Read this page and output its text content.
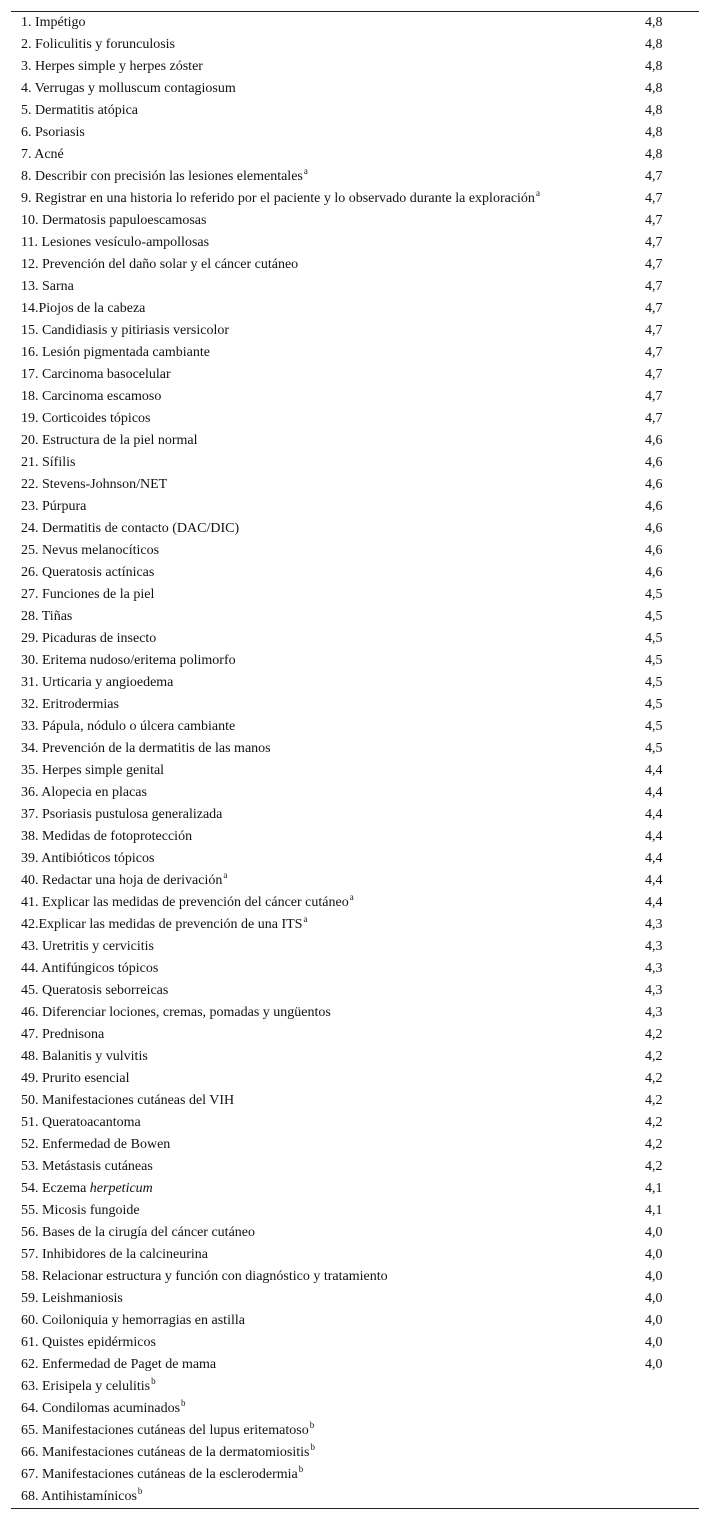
1. Impétigo	4,8
2. Foliculitis y forunculosis	4,8
3. Herpes simple y herpes zóster	4,8
4. Verrugas y molluscum contagiosum	4,8
5. Dermatitis atópica	4,8
6. Psoriasis	4,8
7. Acné	4,8
8. Describir con precisión las lesiones elementales$^a$	4,7
9. Registrar en una historia lo referido por el paciente y lo observado durante la exploración$^a$	4,7
10. Dermatosis papuloescamosas	4,7
11. Lesiones vesículo-ampollosas	4,7
12. Prevención del daño solar y el cáncer cutáneo	4,7
13. Sarna	4,7
14.Piojos de la cabeza	4,7
15. Candidiasis y pitiriasis versicolor	4,7
16. Lesión pigmentada cambiante	4,7
17. Carcinoma basocelular	4,7
18. Carcinoma escamoso	4,7
19. Corticoides tópicos	4,7
20. Estructura de la piel normal	4,6
21. Sífilis	4,6
22. Stevens-Johnson/NET	4,6
23. Púrpura	4,6
24. Dermatitis de contacto (DAC/DIC)	4,6
25. Nevus melanocíticos	4,6
26. Queratosis actínicas	4,6
27. Funciones de la piel	4,5
28. Tiñas	4,5
29. Picaduras de insecto	4,5
30. Eritema nudoso/eritema polimorfo	4,5
31. Urticaria y angioedema	4,5
32. Eritrodermias	4,5
33. Pápula, nódulo o úlcera cambiante	4,5
34. Prevención de la dermatitis de las manos	4,5
35. Herpes simple genital	4,4
36. Alopecia en placas	4,4
37. Psoriasis pustulosa generalizada	4,4
38. Medidas de fotoprotección	4,4
39. Antibióticos tópicos	4,4
40. Redactar una hoja de derivación$^a$	4,4
41. Explicar las medidas de prevención del cáncer cutáneo$^a$	4,4
42.Explicar las medidas de prevención de una ITS$^a$	4,3
43. Uretritis y cervicitis	4,3
44. Antifúngicos tópicos	4,3
45. Queratosis seborreicas	4,3
46. Diferenciar lociones, cremas, pomadas y ungüentos	4,3
47. Prednisona	4,2
48. Balanitis y vulvitis	4,2
49. Prurito esencial	4,2
50. Manifestaciones cutáneas del VIH	4,2
51. Queratoacantoma	4,2
52. Enfermedad de Bowen	4,2
53. Metástasis cutáneas	4,2
54. Eczema herpeticum	4,1
55. Micosis fungoide	4,1
56. Bases de la cirugía del cáncer cutáneo	4,0
57. Inhibidores de la calcineurina	4,0
58. Relacionar estructura y función con diagnóstico y tratamiento	4,0
59. Leishmaniosis	4,0
60. Coiloniquia y hemorragias en astilla	4,0
61. Quistes epidérmicos	4,0
62. Enfermedad de Paget de mama	4,0
63. Erisipela y celulitis$^b$	
64. Condilomas acuminados$^b$	
65. Manifestaciones cutáneas del lupus eritematoso$^b$	
66. Manifestaciones cutáneas de la dermatomiositis$^b$	
67. Manifestaciones cutáneas de la esclerodermia$^b$	
68. Antihistamínicos$^b$	
